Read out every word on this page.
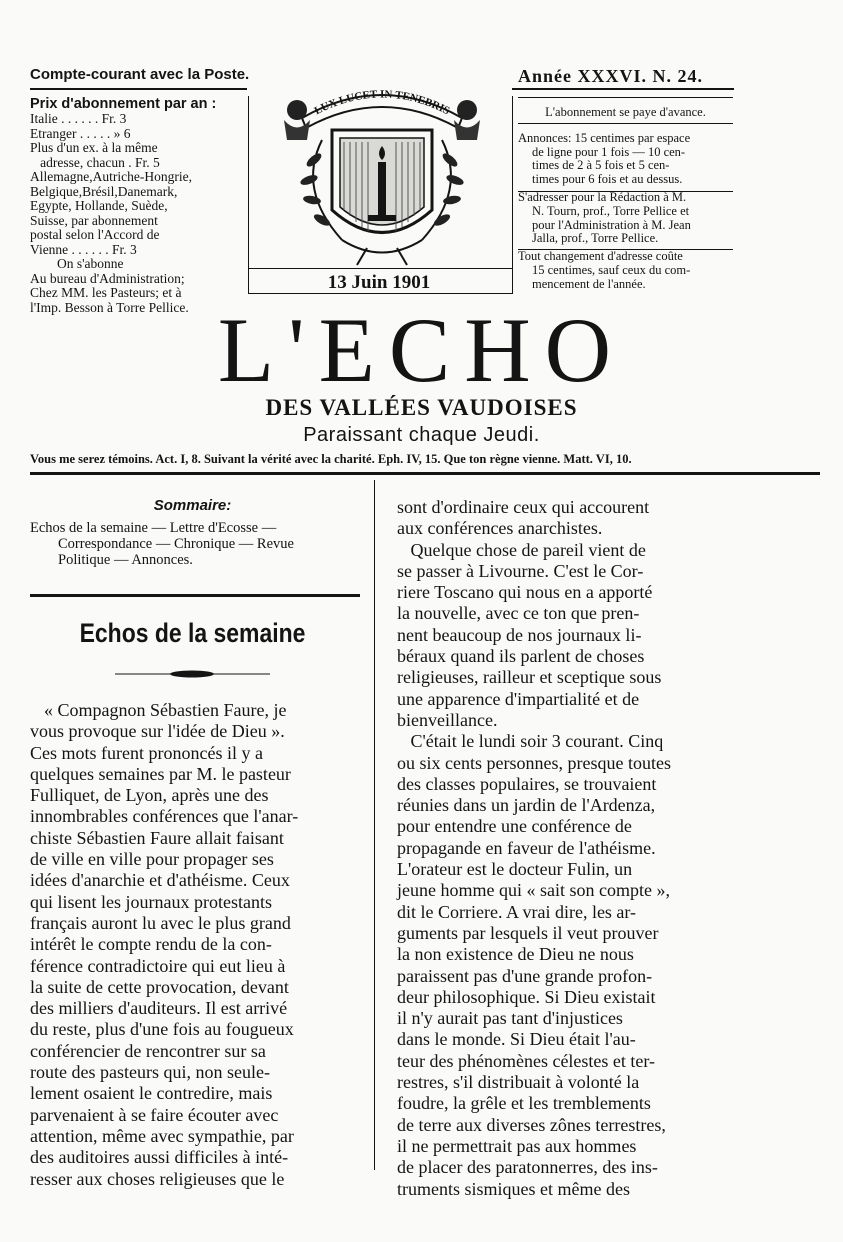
Compte-courant avec la Poste.	Année XXXVI. N. 24.
Prix d'abonnement par an :
Italie . . . . . . Fr. 3
Etranger . . . . . » 6
Plus d'un ex. à la même
adresse, chacun . Fr. 5
Allemagne,Autriche-Hongrie,
Belgique,Brésil,Danemark,
Egypte, Hollande, Suède,
Suisse, par abonnement
postal selon l'Accord de
Vienne . . . . . . Fr. 3
On s'abonne
Au bureau d'Administration;
Chez MM. les Pasteurs; et à
l'Imp. Besson à Torre Pellice.
LUX LUCET IN TENEBRIS
13 Juin 1901
L'abonnement se paye d'avance.
Annonces: 15 centimes par espace
de ligne pour 1 fois — 10 cen-
times de 2 à 5 fois et 5 cen-
times pour 6 fois et au dessus.
S'adresser pour la Rédaction à M.
N. Tourn, prof., Torre Pellice et
pour l'Administration à M. Jean
Jalla, prof., Torre Pellice.
Tout changement d'adresse coûte
15 centimes, sauf ceux du com-
mencement de l'année.
L'ECHO
DES VALLÉES VAUDOISES
Paraissant chaque Jeudi.
Vous me serez témoins. Act. I, 8. Suivant la vérité avec la charité. Eph. IV, 15. Que ton règne vienne. Matt. VI, 10.
Sommaire:
Echos de la semaine — Lettre d'Ecosse —
Correspondance — Chronique — Revue
Politique — Annonces.
Echos de la semaine
« Compagnon Sébastien Faure, je
vous provoque sur l'idée de Dieu ».
Ces mots furent prononcés il y a
quelques semaines par M. le pasteur
Fulliquet, de Lyon, après une des
innombrables conférences que l'anar-
chiste Sébastien Faure allait faisant
de ville en ville pour propager ses
idées d'anarchie et d'athéisme. Ceux
qui lisent les journaux protestants
français auront lu avec le plus grand
intérêt le compte rendu de la con-
férence contradictoire qui eut lieu à
la suite de cette provocation, devant
des milliers d'auditeurs. Il est arrivé
du reste, plus d'une fois au fougueux
conférencier de rencontrer sur sa
route des pasteurs qui, non seule-
lement osaient le contredire, mais
parvenaient à se faire écouter avec
attention, même avec sympathie, par
des auditoires aussi difficiles à inté-
resser aux choses religieuses que le
sont d'ordinaire ceux qui accourent
aux conférences anarchistes.
Quelque chose de pareil vient de
se passer à Livourne. C'est le Cor-
riere Toscano qui nous en a apporté
la nouvelle, avec ce ton que pren-
nent beaucoup de nos journaux li-
béraux quand ils parlent de choses
religieuses, railleur et sceptique sous
une apparence d'impartialité et de
bienveillance.
C'était le lundi soir 3 courant. Cinq
ou six cents personnes, presque toutes
des classes populaires, se trouvaient
réunies dans un jardin de l'Ardenza,
pour entendre une conférence de
propagande en faveur de l'athéisme.
L'orateur est le docteur Fulin, un
jeune homme qui « sait son compte »,
dit le Corriere. A vrai dire, les ar-
guments par lesquels il veut prouver
la non existence de Dieu ne nous
paraissent pas d'une grande profon-
deur philosophique. Si Dieu existait
il n'y aurait pas tant d'injustices
dans le monde. Si Dieu était l'au-
teur des phénomènes célestes et ter-
restres, s'il distribuait à volonté la
foudre, la grêle et les tremblements
de terre aux diverses zônes terrestres,
il ne permettrait pas aux hommes
de placer des paratonnerres, des ins-
truments sismiques et même des
